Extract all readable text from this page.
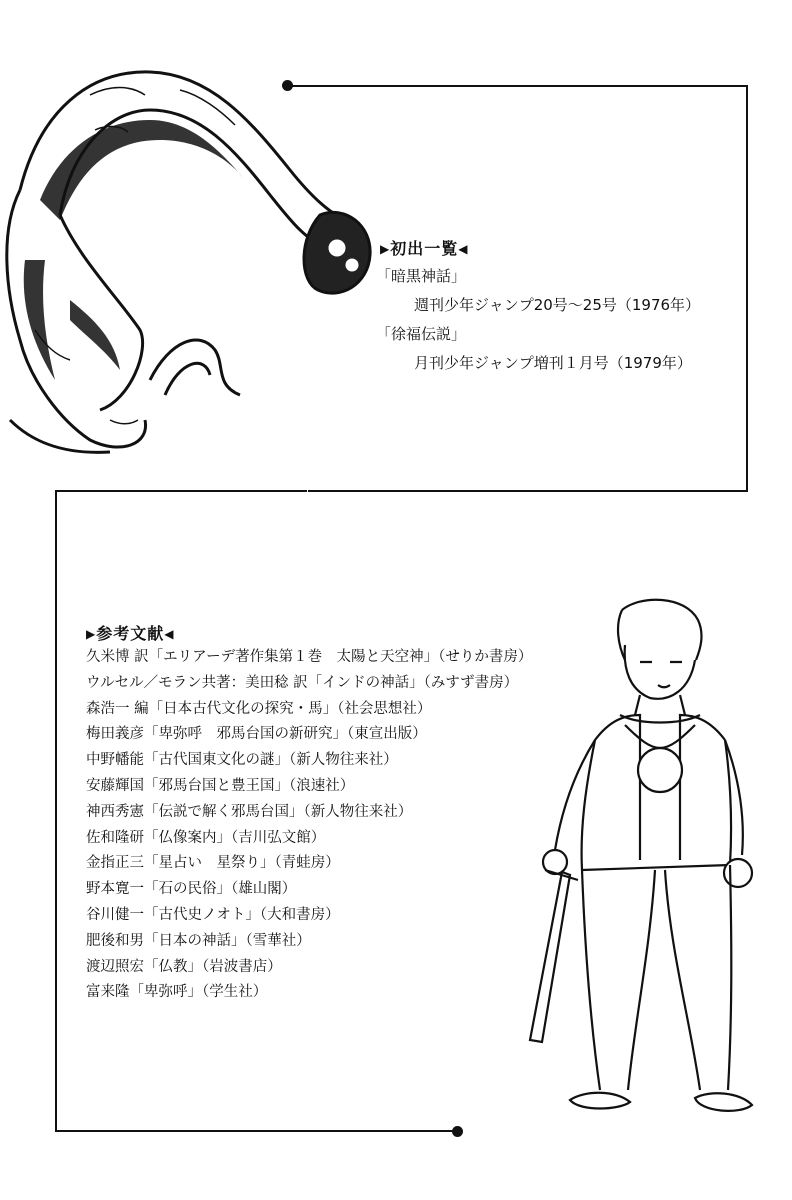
▶初出一覧◀
「暗黒神話」
週刊少年ジャンプ20号～25号（1976年）
「徐福伝説」
月刊少年ジャンプ増刊１月号（1979年）
▶参考文献◀
久米博 訳「エリアーデ著作集第１巻　太陽と天空神」（せりか書房）
ウルセル／モラン共著：美田稔 訳「インドの神話」（みすず書房）
森浩一 編「日本古代文化の探究・馬」（社会思想社）
梅田義彦「卑弥呼　邪馬台国の新研究」（東宣出版）
中野幡能「古代国東文化の謎」（新人物往来社）
安藤輝国「邪馬台国と豊王国」（浪速社）
神西秀憲「伝説で解く邪馬台国」（新人物往来社）
佐和隆研「仏像案内」（吉川弘文館）
金指正三「星占い　星祭り」（青蛙房）
野本寛一「石の民俗」（雄山閣）
谷川健一「古代史ノオト」（大和書房）
肥後和男「日本の神話」（雪華社）
渡辺照宏「仏教」（岩波書店）
富来隆「卑弥呼」（学生社）
